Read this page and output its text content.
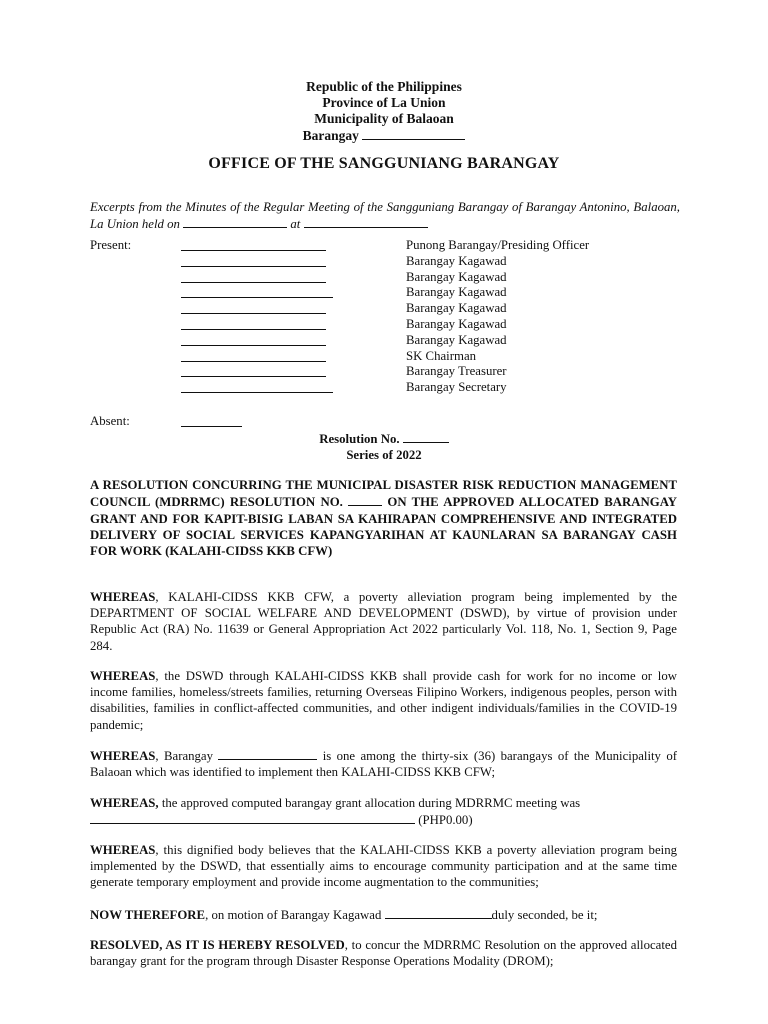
Republic of the Philippines
Province of La Union
Municipality of Balaoan
Barangay
OFFICE OF THE SANGGUNIANG BARANGAY
Excerpts from the Minutes of the Regular Meeting of the Sangguniang Barangay of Barangay Antonino, Balaoan, La Union held on	at
Present:	Punong Barangay/Presiding Officer
Barangay Kagawad
Barangay Kagawad
Barangay Kagawad
Barangay Kagawad
Barangay Kagawad
Barangay Kagawad
SK Chairman
Barangay Treasurer
Barangay Secretary
Absent:
Resolution No.
Series of 2022
A RESOLUTION CONCURRING THE MUNICIPAL DISASTER RISK REDUCTION MANAGEMENT COUNCIL (MDRRMC) RESOLUTION NO.	ON THE APPROVED ALLOCATED BARANGAY GRANT AND FOR KAPIT-BISIG LABAN SA KAHIRAPAN COMPREHENSIVE AND INTEGRATED DELIVERY OF SOCIAL SERVICES KAPANGYARIHAN AT KAUNLARAN SA BARANGAY CASH FOR WORK (KALAHI-CIDSS KKB CFW)
WHEREAS, KALAHI-CIDSS KKB CFW, a poverty alleviation program being implemented by the DEPARTMENT OF SOCIAL WELFARE AND DEVELOPMENT (DSWD), by virtue of provision under Republic Act (RA) No. 11639 or General Appropriation Act 2022 particularly Vol. 118, No. 1, Section 9, Page 284.
WHEREAS, the DSWD through KALAHI-CIDSS KKB shall provide cash for work for no income or low income families, homeless/streets families, returning Overseas Filipino Workers, indigenous peoples, person with disabilities, families in conflict-affected communities, and other indigent individuals/families in the COVID-19 pandemic;
WHEREAS, Barangay	is one among the thirty-six (36) barangays of the Municipality of Balaoan which was identified to implement then KALAHI-CIDSS KKB CFW;
WHEREAS, the approved computed barangay grant allocation during MDRRMC meeting was
(PHP0.00)
WHEREAS, this dignified body believes that the KALAHI-CIDSS KKB a poverty alleviation program being implemented by the DSWD, that essentially aims to encourage community participation and at the same time generate temporary employment and provide income augmentation to the communities;
NOW THEREFORE, on motion of Barangay Kagawad	duly seconded, be it;
RESOLVED, AS IT IS HEREBY RESOLVED, to concur the MDRRMC Resolution on the approved allocated barangay grant for the program through Disaster Response Operations Modality (DROM);
